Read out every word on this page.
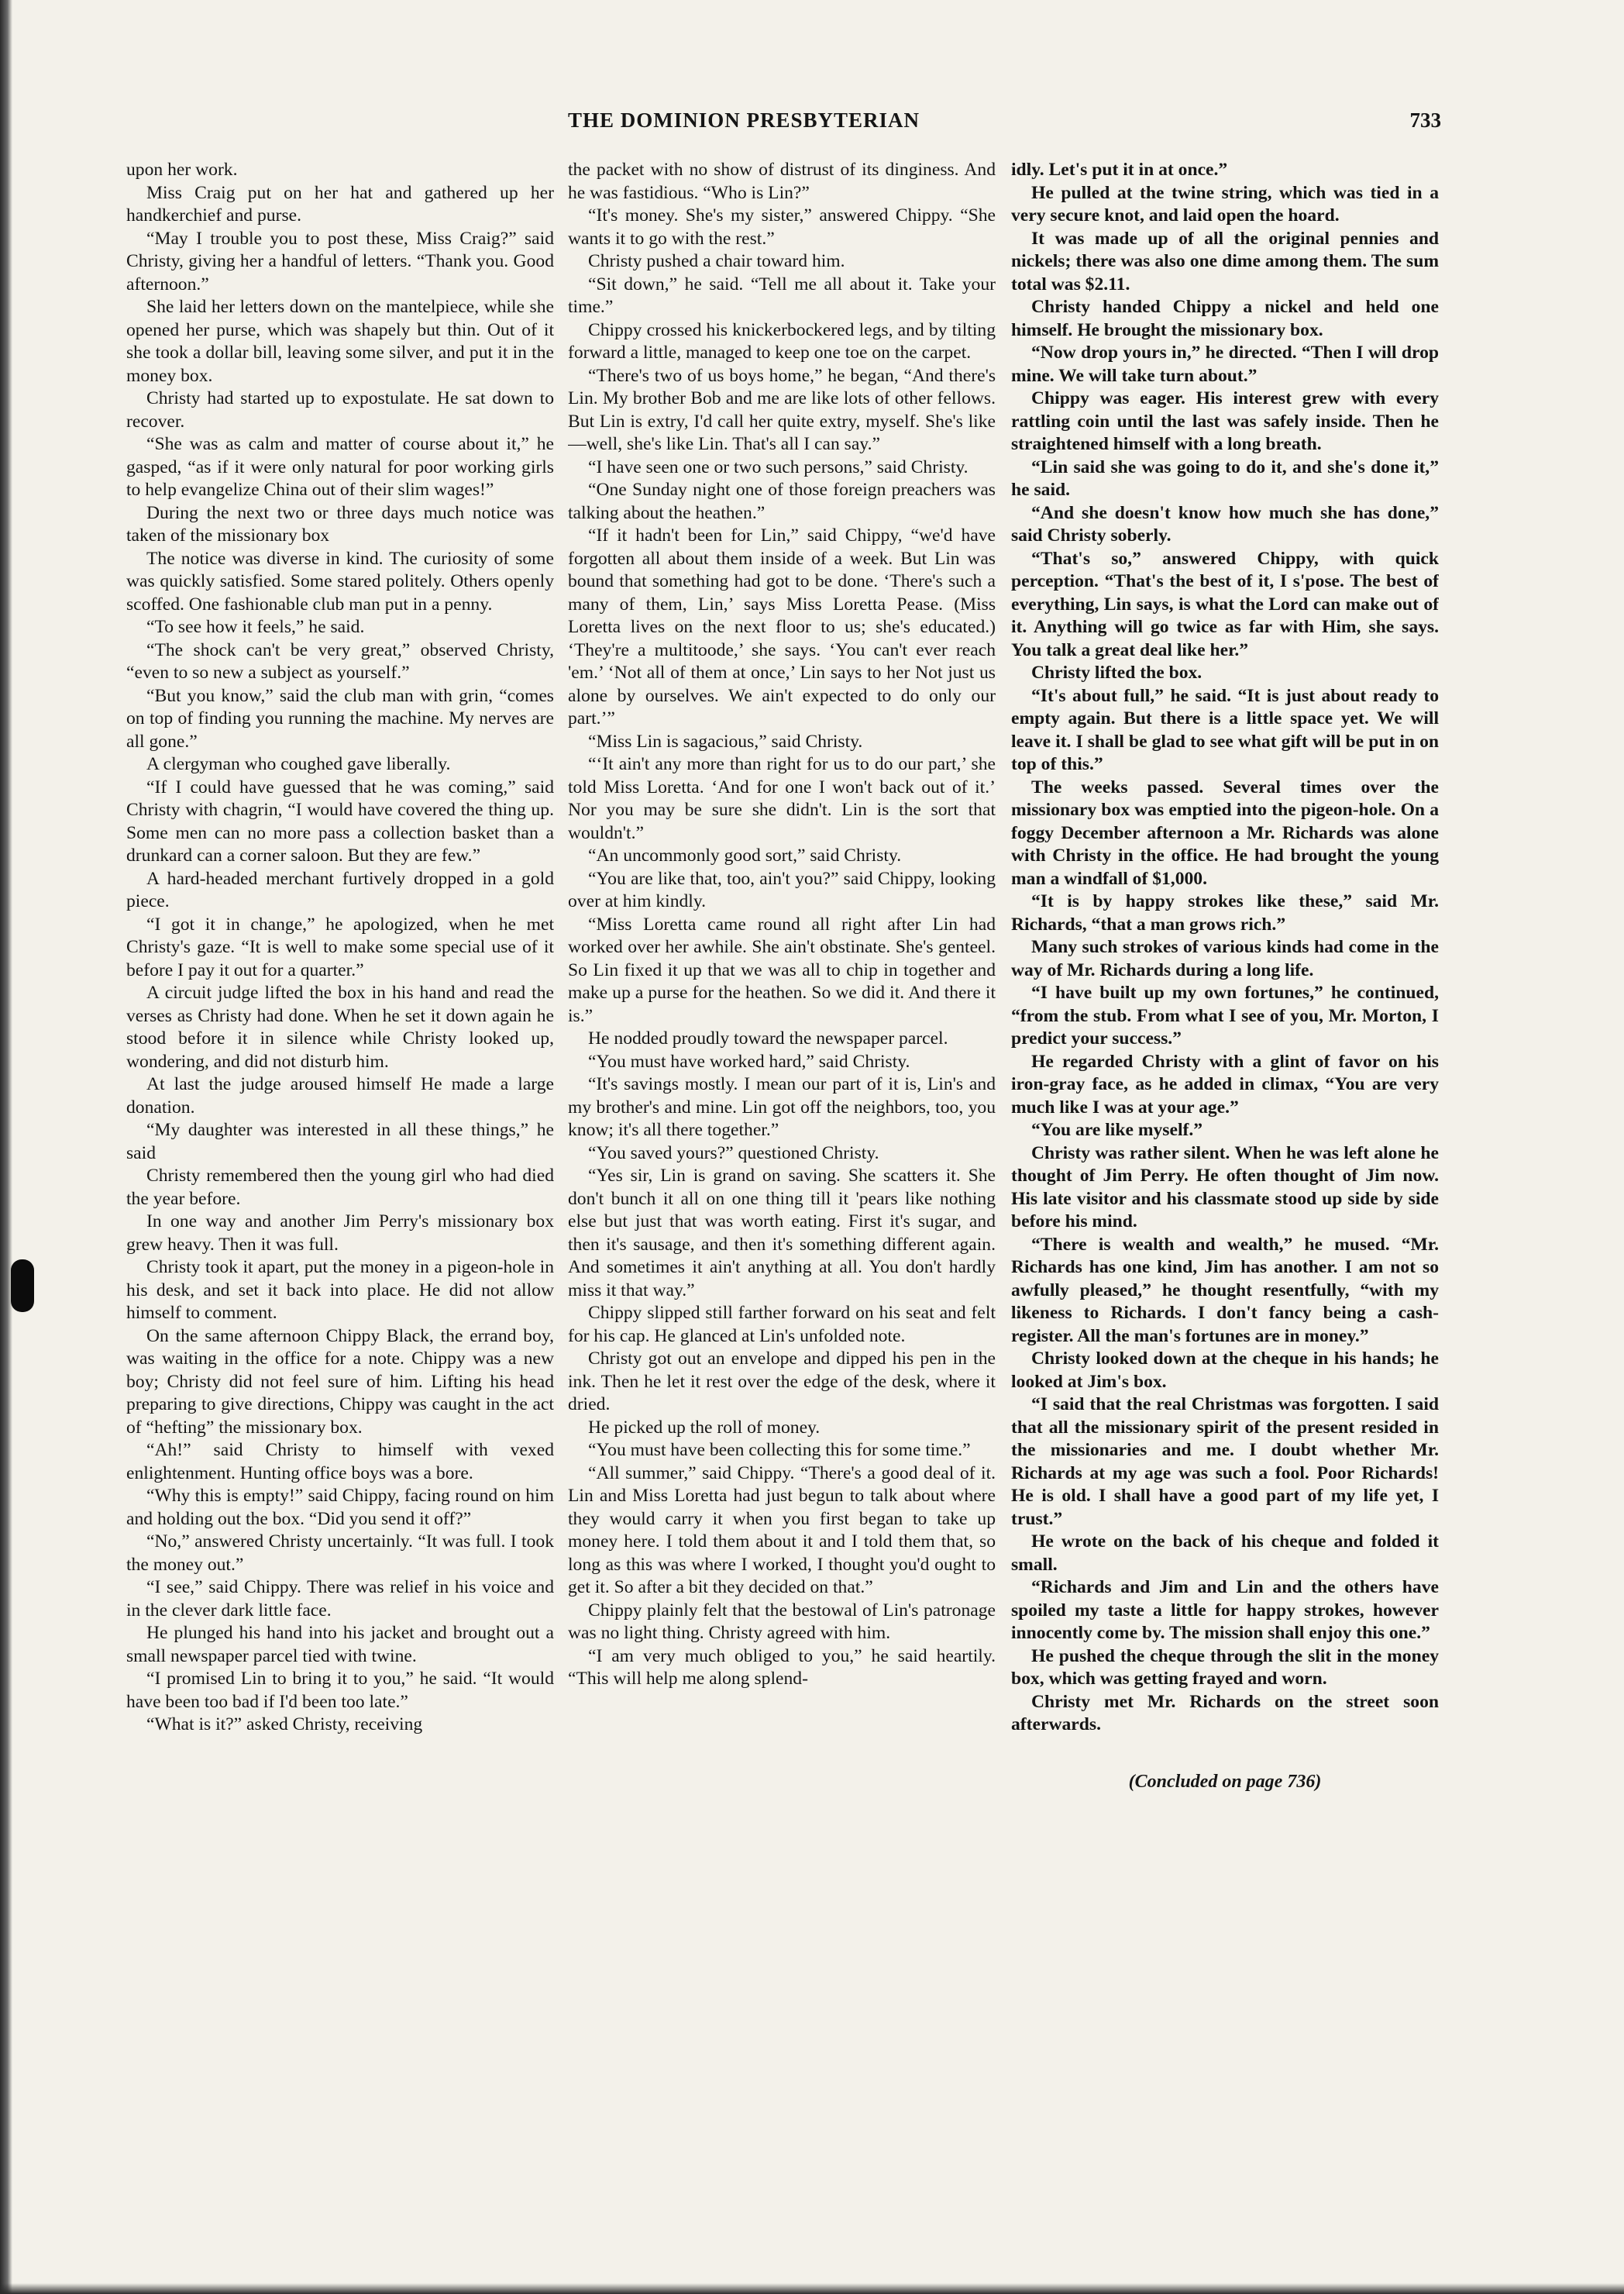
THE DOMINION PRESBYTERIAN	733

upon her work.

Miss Craig put on her hat and gathered up her handkerchief and purse.

“May I trouble you to post these, Miss Craig?” said Christy, giving her a handful of letters. “Thank you. Good afternoon.”

She laid her letters down on the mantelpiece, while she opened her purse, which was shapely but thin. Out of it she took a dollar bill, leaving some silver, and put it in the money box.

Christy had started up to expostulate. He sat down to recover.

“She was as calm and matter of course about it,” he gasped, “as if it were only natural for poor working girls to help evangelize China out of their slim wages!”

During the next two or three days much notice was taken of the missionary box

The notice was diverse in kind. The curiosity of some was quickly satisfied. Some stared politely. Others openly scoffed. One fashionable club man put in a penny.

“To see how it feels,” he said.

“The shock can't be very great,” observed Christy, “even to so new a subject as yourself.”

“But you know,” said the club man with grin, “comes on top of finding you running the machine. My nerves are all gone.”

A clergyman who coughed gave liberally.

“If I could have guessed that he was coming,” said Christy with chagrin, “I would have covered the thing up. Some men can no more pass a collection basket than a drunkard can a corner saloon. But they are few.”

A hard-headed merchant furtively dropped in a gold piece.

“I got it in change,” he apologized, when he met Christy's gaze. “It is well to make some special use of it before I pay it out for a quarter.”

A circuit judge lifted the box in his hand and read the verses as Christy had done. When he set it down again he stood before it in silence while Christy looked up, wondering, and did not disturb him.

At last the judge aroused himself He made a large donation.

“My daughter was interested in all these things,” he said

Christy remembered then the young girl who had died the year before.

In one way and another Jim Perry's missionary box grew heavy. Then it was full.

Christy took it apart, put the money in a pigeon-hole in his desk, and set it back into place. He did not allow himself to comment.

On the same afternoon Chippy Black, the errand boy, was waiting in the office for a note. Chippy was a new boy; Christy did not feel sure of him. Lifting his head preparing to give directions, Chippy was caught in the act of “hefting” the missionary box.

“Ah!” said Christy to himself with vexed enlightenment. Hunting office boys was a bore.

“Why this is empty!” said Chippy, facing round on him and holding out the box. “Did you send it off?”

“No,” answered Christy uncertainly. “It was full. I took the money out.”

“I see,” said Chippy. There was relief in his voice and in the clever dark little face.

He plunged his hand into his jacket and brought out a small newspaper parcel tied with twine.

“I promised Lin to bring it to you,” he said. “It would have been too bad if I'd been too late.”

“What is it?” asked Christy, receiving

the packet with no show of distrust of its dinginess. And he was fastidious. “Who is Lin?”

“It's money. She's my sister,” answered Chippy. “She wants it to go with the rest.”

Christy pushed a chair toward him.

“Sit down,” he said. “Tell me all about it. Take your time.”

Chippy crossed his knickerbockered legs, and by tilting forward a little, managed to keep one toe on the carpet.

“There's two of us boys home,” he began, “And there's Lin. My brother Bob and me are like lots of other fellows. But Lin is extry, I'd call her quite extry, myself. She's like—well, she's like Lin. That's all I can say.”

“I have seen one or two such persons,” said Christy.

“One Sunday night one of those foreign preachers was talking about the heathen.”

“If it hadn't been for Lin,” said Chippy, “we'd have forgotten all about them inside of a week. But Lin was bound that something had got to be done. ‘There's such a many of them, Lin,’ says Miss Loretta Pease. (Miss Loretta lives on the next floor to us; she's educated.) ‘They're a multitoode,’ she says. ‘You can't ever reach 'em.’ ‘Not all of them at once,’ Lin says to her Not just us alone by ourselves. We ain't expected to do only our part.’”

“Miss Lin is sagacious,” said Christy.

“‘It ain't any more than right for us to do our part,’ she told Miss Loretta. ‘And for one I won't back out of it.’ Nor you may be sure she didn't. Lin is the sort that wouldn't.”

“An uncommonly good sort,” said Christy.

“You are like that, too, ain't you?” said Chippy, looking over at him kindly.

“Miss Loretta came round all right after Lin had worked over her awhile. She ain't obstinate. She's genteel. So Lin fixed it up that we was all to chip in together and make up a purse for the heathen. So we did it. And there it is.”

He nodded proudly toward the newspaper parcel.

“You must have worked hard,” said Christy.

“It's savings mostly. I mean our part of it is, Lin's and my brother's and mine. Lin got off the neighbors, too, you know; it's all there together.”

“You saved yours?” questioned Christy.

“Yes sir, Lin is grand on saving. She scatters it. She don't bunch it all on one thing till it 'pears like nothing else but just that was worth eating. First it's sugar, and then it's sausage, and then it's something different again. And sometimes it ain't anything at all. You don't hardly miss it that way.”

Chippy slipped still farther forward on his seat and felt for his cap. He glanced at Lin's unfolded note.

Christy got out an envelope and dipped his pen in the ink. Then he let it rest over the edge of the desk, where it dried.

He picked up the roll of money.

“You must have been collecting this for some time.”

“All summer,” said Chippy. “There's a good deal of it. Lin and Miss Loretta had just begun to talk about where they would carry it when you first began to take up money here. I told them about it and I told them that, so long as this was where I worked, I thought you'd ought to get it. So after a bit they decided on that.”

Chippy plainly felt that the bestowal of Lin's patronage was no light thing. Christy agreed with him.

“I am very much obliged to you,” he said heartily. “This will help me along splend-

idly. Let's put it in at once.”

He pulled at the twine string, which was tied in a very secure knot, and laid open the hoard.

It was made up of all the original pennies and nickels; there was also one dime among them. The sum total was $2.11.

Christy handed Chippy a nickel and held one himself. He brought the missionary box.

“Now drop yours in,” he directed. “Then I will drop mine. We will take turn about.”

Chippy was eager. His interest grew with every rattling coin until the last was safely inside. Then he straightened himself with a long breath.

“Lin said she was going to do it, and she's done it,” he said.

“And she doesn't know how much she has done,” said Christy soberly.

“That's so,” answered Chippy, with quick perception. “That's the best of it, I s'pose. The best of everything, Lin says, is what the Lord can make out of it. Anything will go twice as far with Him, she says. You talk a great deal like her.”

Christy lifted the box.

“It's about full,” he said. “It is just about ready to empty again. But there is a little space yet. We will leave it. I shall be glad to see what gift will be put in on top of this.”

The weeks passed. Several times over the missionary box was emptied into the pigeon-hole. On a foggy December afternoon a Mr. Richards was alone with Christy in the office. He had brought the young man a windfall of $1,000.

“It is by happy strokes like these,” said Mr. Richards, “that a man grows rich.”

Many such strokes of various kinds had come in the way of Mr. Richards during a long life.

“I have built up my own fortunes,” he continued, “from the stub. From what I see of you, Mr. Morton, I predict your success.”

He regarded Christy with a glint of favor on his iron-gray face, as he added in climax, “You are very much like I was at your age.”

“You are like myself.”

Christy was rather silent. When he was left alone he thought of Jim Perry. He often thought of Jim now. His late visitor and his classmate stood up side by side before his mind.

“There is wealth and wealth,” he mused. “Mr. Richards has one kind, Jim has another. I am not so awfully pleased,” he thought resentfully, “with my likeness to Richards. I don't fancy being a cash-register. All the man's fortunes are in money.”

Christy looked down at the cheque in his hands; he looked at Jim's box.

“I said that the real Christmas was forgotten. I said that all the missionary spirit of the present resided in the missionaries and me. I doubt whether Mr. Richards at my age was such a fool. Poor Richards! He is old. I shall have a good part of my life yet, I trust.”

He wrote on the back of his cheque and folded it small.

“Richards and Jim and Lin and the others have spoiled my taste a little for happy strokes, however innocently come by. The mission shall enjoy this one.”

He pushed the cheque through the slit in the money box, which was getting frayed and worn.

Christy met Mr. Richards on the street soon afterwards.

(Concluded on page 736)
